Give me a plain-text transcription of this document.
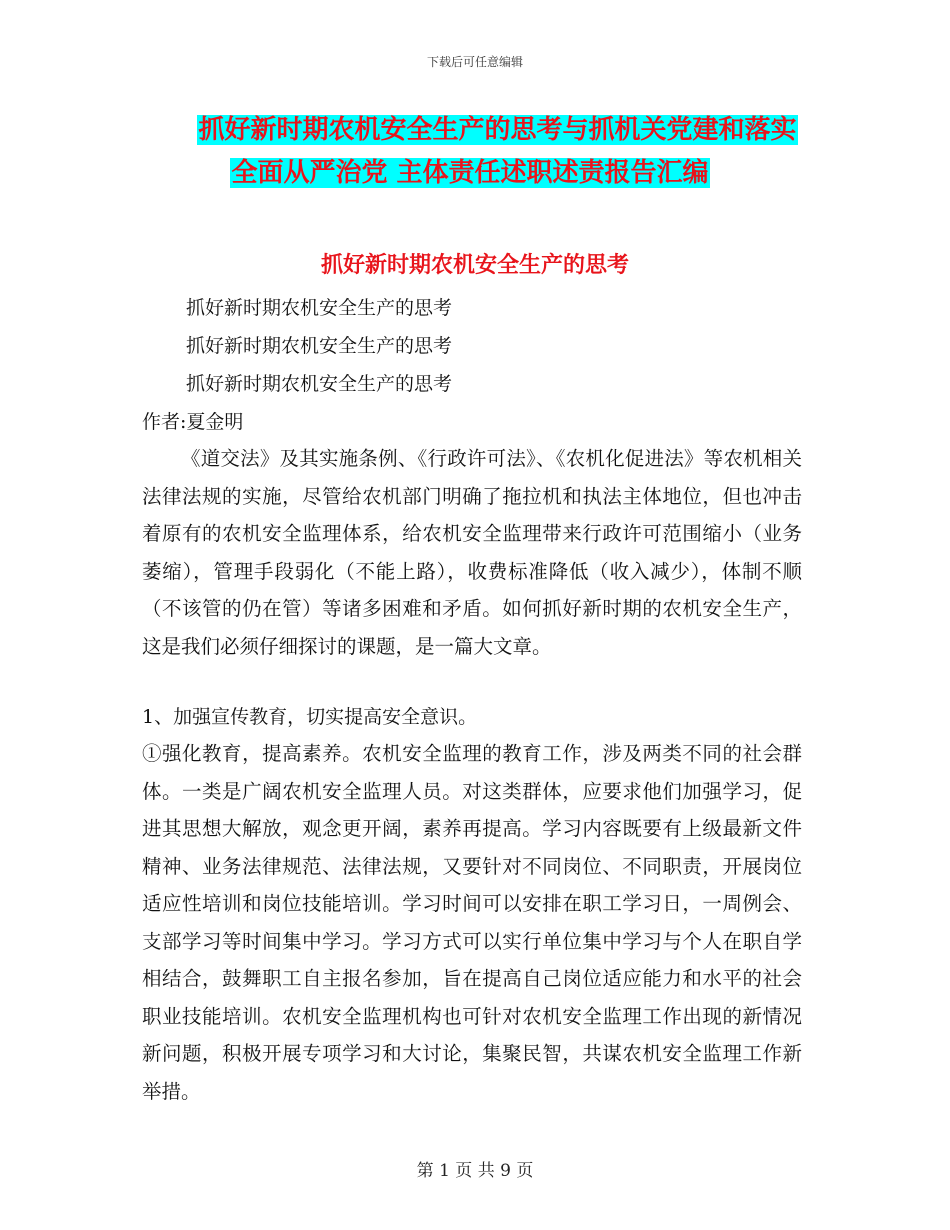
下载后可任意编辑
抓好新时期农机安全生产的思考与抓机关党建和落实
全面从严治党 主体责任述职述责报告汇编
抓好新时期农机安全生产的思考
抓好新时期农机安全生产的思考
抓好新时期农机安全生产的思考
抓好新时期农机安全生产的思考
作者:夏金明
《道交法》及其实施条例、《行政许可法》、《农机化促进法》等农机相关法律法规的实施，尽管给农机部门明确了拖拉机和执法主体地位，但也冲击着原有的农机安全监理体系，给农机安全监理带来行政许可范围缩小（业务萎缩），管理手段弱化（不能上路），收费标准降低（收入减少），体制不顺（不该管的仍在管）等诸多困难和矛盾。如何抓好新时期的农机安全生产，这是我们必须仔细探讨的课题，是一篇大文章。
1、加强宣传教育，切实提高安全意识。
①强化教育，提高素养。农机安全监理的教育工作，涉及两类不同的社会群体。一类是广阔农机安全监理人员。对这类群体，应要求他们加强学习，促进其思想大解放，观念更开阔，素养再提高。学习内容既要有上级最新文件精神、业务法律规范、法律法规，又要针对不同岗位、不同职责，开展岗位适应性培训和岗位技能培训。学习时间可以安排在职工学习日，一周例会、支部学习等时间集中学习。学习方式可以实行单位集中学习与个人在职自学相结合，鼓舞职工自主报名参加，旨在提高自己岗位适应能力和水平的社会职业技能培训。农机安全监理机构也可针对农机安全监理工作出现的新情况新问题，积极开展专项学习和大讨论，集聚民智，共谋农机安全监理工作新举措。
第 1 页 共 9 页
